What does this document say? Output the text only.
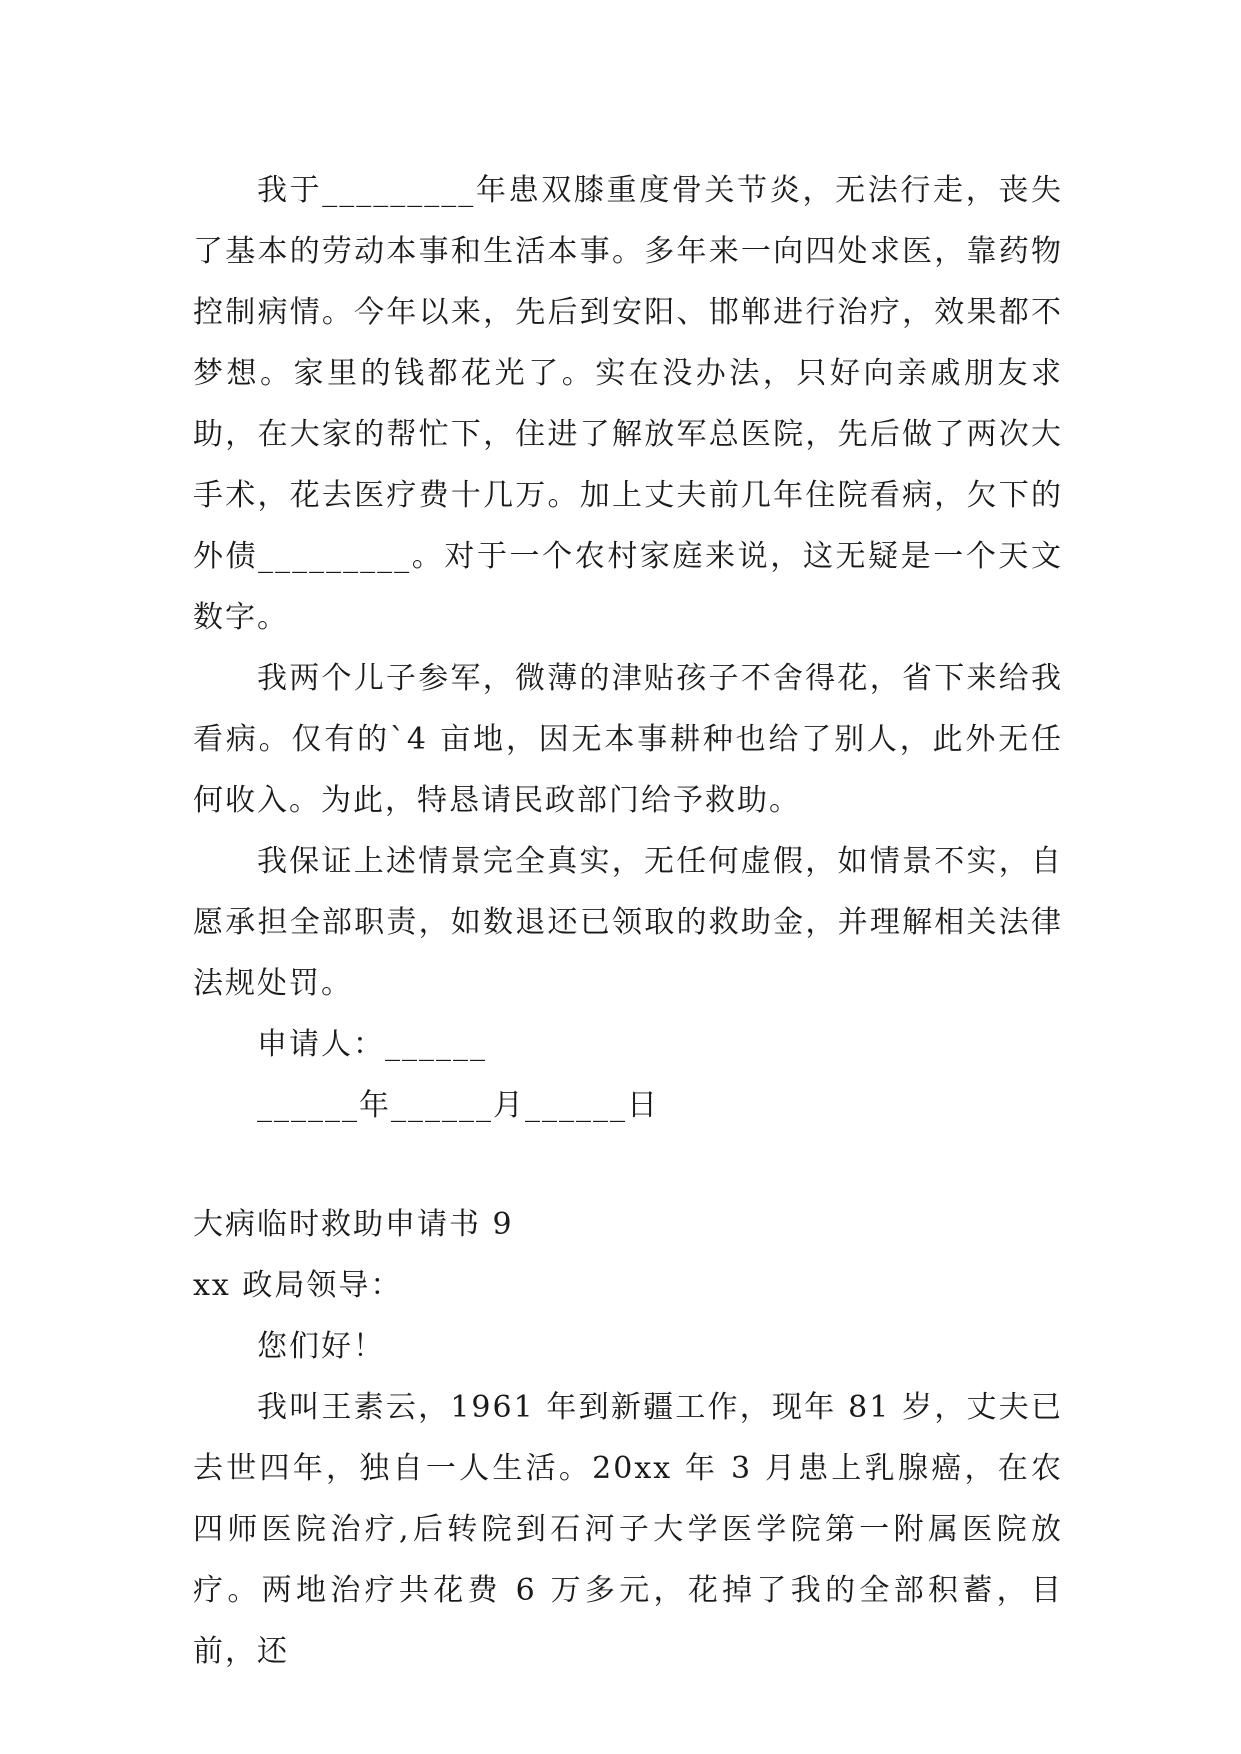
我于_________年患双膝重度骨关节炎，无法行走，丧失了基本的劳动本事和生活本事。多年来一向四处求医，靠药物控制病情。今年以来，先后到安阳、邯郸进行治疗，效果都不梦想。家里的钱都花光了。实在没办法，只好向亲戚朋友求助，在大家的帮忙下，住进了解放军总医院，先后做了两次大手术，花去医疗费十几万。加上丈夫前几年住院看病，欠下的外债_________。对于一个农村家庭来说，这无疑是一个天文数字。

我两个儿子参军，微薄的津贴孩子不舍得花，省下来给我看病。仅有的`4 亩地，因无本事耕种也给了别人，此外无任何收入。为此，特恳请民政部门给予救助。

我保证上述情景完全真实，无任何虚假，如情景不实，自愿承担全部职责，如数退还已领取的救助金，并理解相关法律法规处罚。

申请人：______

______年______月______日

大病临时救助申请书 9

xx 政局领导：

您们好！

我叫王素云，1961 年到新疆工作，现年 81 岁，丈夫已去世四年，独自一人生活。20xx 年 3 月患上乳腺癌，在农四师医院治疗,后转院到石河子大学医学院第一附属医院放疗。两地治疗共花费 6 万多元，花掉了我的全部积蓄，目前，还
